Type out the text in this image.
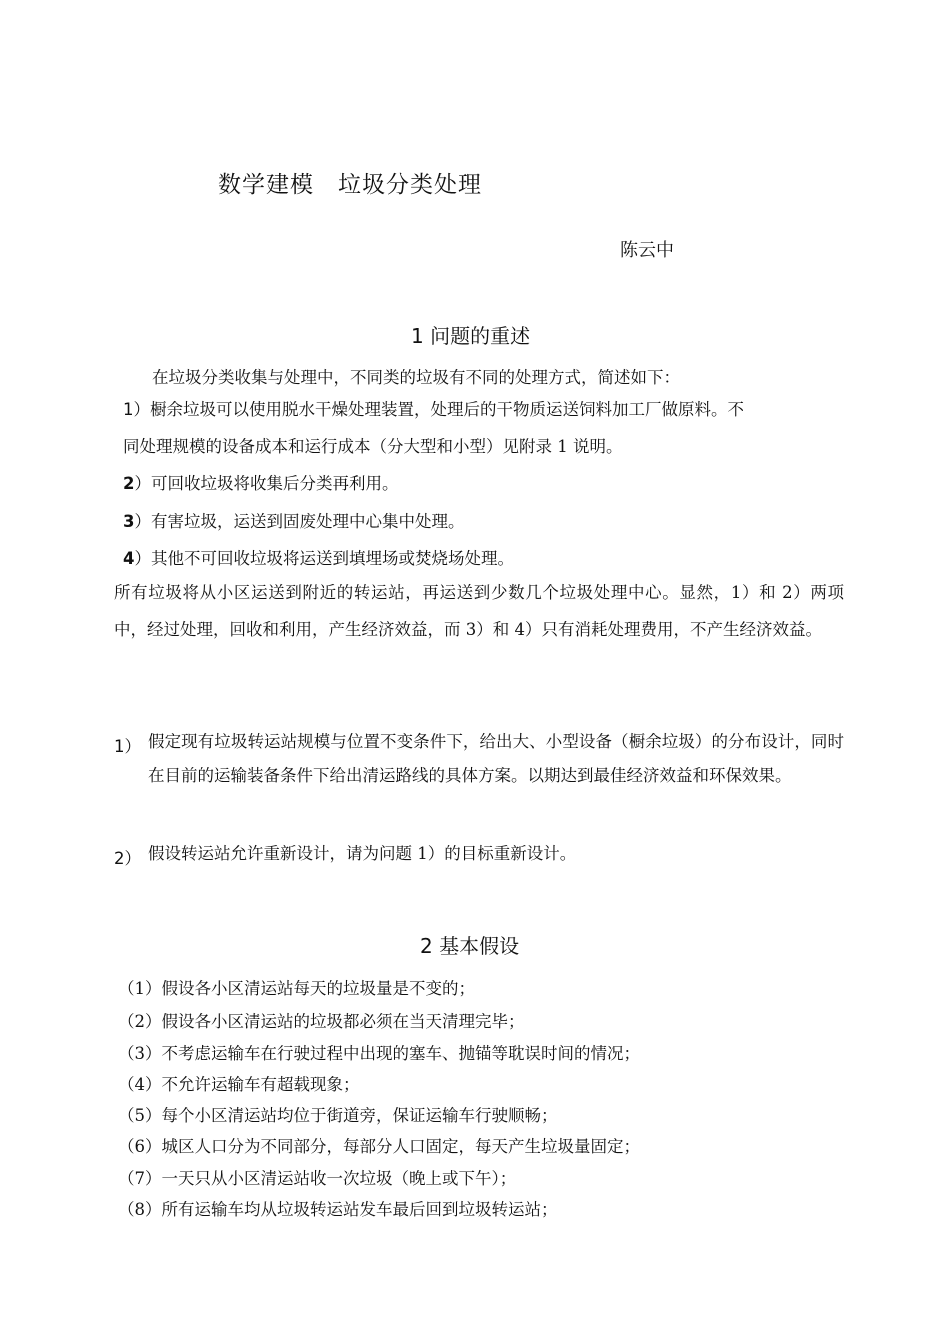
数学建模　垃圾分类处理
陈云中
1 问题的重述
在垃圾分类收集与处理中，不同类的垃圾有不同的处理方式，简述如下：
1）橱余垃圾可以使用脱水干燥处理装置，处理后的干物质运送饲料加工厂做原料。不
同处理规模的设备成本和运行成本（分大型和小型）见附录 1 说明。
2）可回收垃圾将收集后分类再利用。
3）有害垃圾，运送到固废处理中心集中处理。
4）其他不可回收垃圾将运送到填埋场或焚烧场处理。
所有垃圾将从小区运送到附近的转运站，再运送到少数几个垃圾处理中心。显然，1）和 2）两项中，经过处理，回收和利用，产生经济效益，而 3）和 4）只有消耗处理费用，不产生经济效益。
1） 假定现有垃圾转运站规模与位置不变条件下，给出大、小型设备（橱余垃圾）的分布设计，同时在目前的运输装备条件下给出清运路线的具体方案。以期达到最佳经济效益和环保效果。
2） 假设转运站允许重新设计，请为问题 1）的目标重新设计。
2 基本假设
（1）假设各小区清运站每天的垃圾量是不变的；
（2）假设各小区清运站的垃圾都必须在当天清理完毕；
（3）不考虑运输车在行驶过程中出现的塞车、抛锚等耽误时间的情况；
（4）不允许运输车有超载现象；
（5）每个小区清运站均位于街道旁，保证运输车行驶顺畅；
（6）城区人口分为不同部分，每部分人口固定，每天产生垃圾量固定；
（7）一天只从小区清运站收一次垃圾（晚上或下午）；
（8）所有运输车均从垃圾转运站发车最后回到垃圾转运站；
